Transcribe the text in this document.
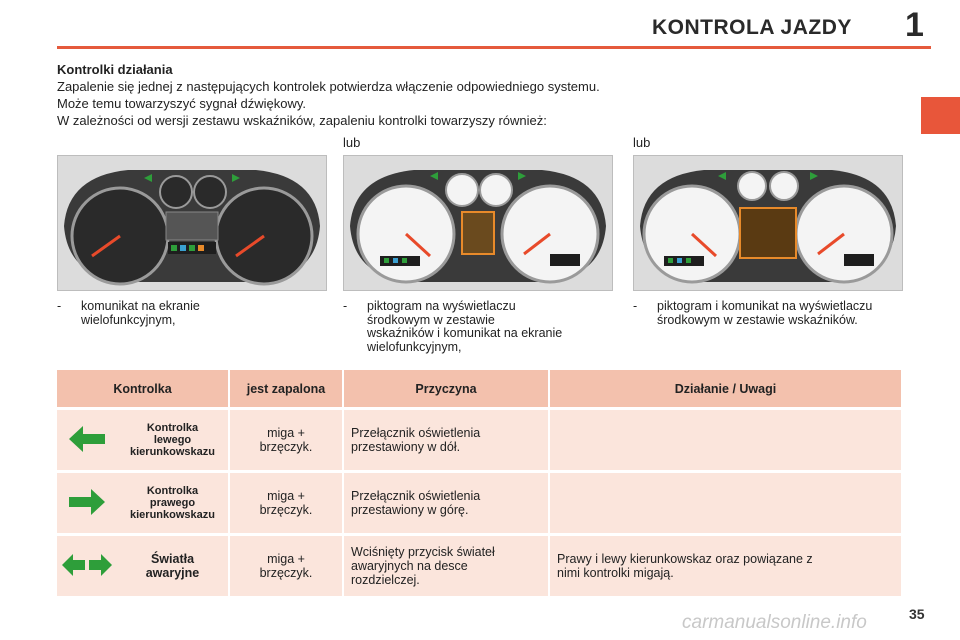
KONTROLA JAZDY 1
Kontrolki działania
Zapalenie się jednej z następujących kontrolek potwierdza włączenie odpowiedniego systemu.
Może temu towarzyszyć sygnał dźwiękowy.
W zależności od wersji zestawu wskaźników, zapaleniu kontrolki towarzyszy również:
lub	lub
- komunikat na ekranie
wielofunkcyjnym,
- piktogram na wyświetlaczu
środkowym w zestawie
wskaźników i komunikat na ekranie
wielofunkcyjnym,
- piktogram i komunikat na wyświetlaczu
środkowym w zestawie wskaźników.
Kontrolka	jest zapalona	Przyczyna	Działanie / Uwagi

Kontrolka
lewego
kierunkowskazu	miga +
brzęczyk.	Przełącznik oświetlenia
przestawiony w dół.	

Kontrolka
prawego
kierunkowskazu	miga +
brzęczyk.	Przełącznik oświetlenia
przestawiony w górę.	

Światła
awaryjne	miga +
brzęczyk.	Wciśnięty przycisk świateł
awaryjnych na desce
rozdzielczej.	Prawy i lewy kierunkowskaz oraz powiązane z
nimi kontrolki migają.
carmanualsonline.info	35
